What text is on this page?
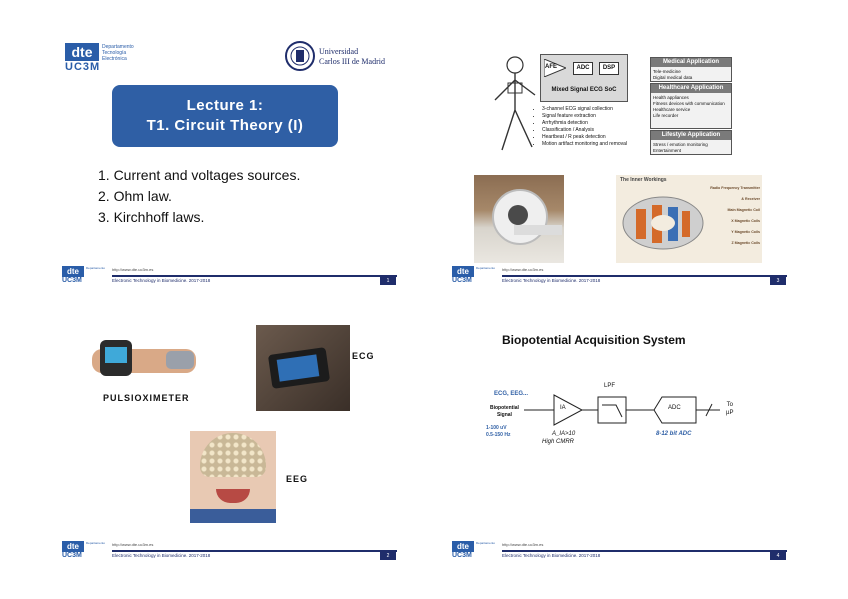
dte
UC3M
Departamento
Tecnología
Electrónica
Universidad
Carlos III de Madrid
Lecture 1:
T1. Circuit Theory (I)
1. Current and voltages sources.
2. Ohm law.
3. Kirchhoff laws.
dte
UC3M
Departamento http://www.dte.uc3m.es
Electronic Technology in Biomedicine. 2017-2018	1
AFE	ADC	DSP
Mixed Signal ECG SoC
• 3-channel ECG signal collection
• Signal feature extraction
• Arrhythmia detection
• Classification / Analysis
• Heartbeat / R peak detection
• Motion artifact monitoring and removal
Medical Application
Tele-medicine
Digital medical data
Healthcare Application
Health appliances
Fitness devices with communication
Healthcare service
Life recorder
Lifestyle Application
Stress / emotion monitoring
Entertainment
The Inner Workings
Radio Frequency Transmitter & Receiver
Main Magnetic Coil
X Magnetic Coils
Y Magnetic Coils
Z Magnetic Coils
dte
UC3M
Departamento http://www.dte.uc3m.es
Electronic Technology in Biomedicine. 2017-2018	3
PULSIOXIMETER
ECG
EEG
dte
UC3M
Departamento http://www.dte.uc3m.es
Electronic Technology in Biomedicine. 2017-2018	2
Biopotential Acquisition System
ECG, EEG...
Biopotential
Signal
1-100 uV
0.5-150 Hz
IA
LPF
ADC	To
µP
A_IA>10
High CMRR
8-12 bit ADC
dte
UC3M
Departamento http://www.dte.uc3m.es
Electronic Technology in Biomedicine. 2017-2018	4
